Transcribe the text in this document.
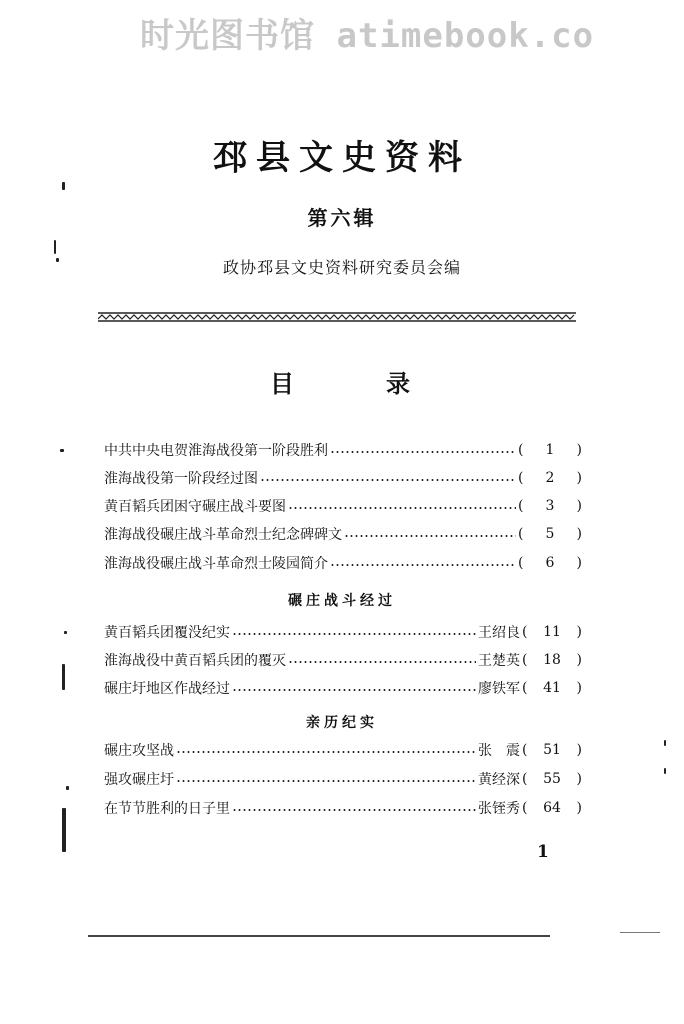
时光图书馆 atimebook.co
邳县文史资料
第六辑
政协邳县文史资料研究委员会编
目	录
中共中央电贺淮海战役第一阶段胜利	(	1	)
淮海战役第一阶段经过图	(	2	)
黄百韬兵团困守碾庄战斗要图	(	3	)
淮海战役碾庄战斗革命烈士纪念碑碑文	(	5	)
淮海战役碾庄战斗革命烈士陵园简介	(	6	)
碾庄战斗经过
黄百韬兵团覆没纪实	王绍良 (	11	)
淮海战役中黄百韬兵团的覆灭	王楚英 (	18	)
碾庄圩地区作战经过	廖铁军 (	41	)
亲历纪实
碾庄攻坚战	张　震 (	51	)
强攻碾庄圩	黄经深 (	55	)
在节节胜利的日子里	张铚秀 (	64	)
1
